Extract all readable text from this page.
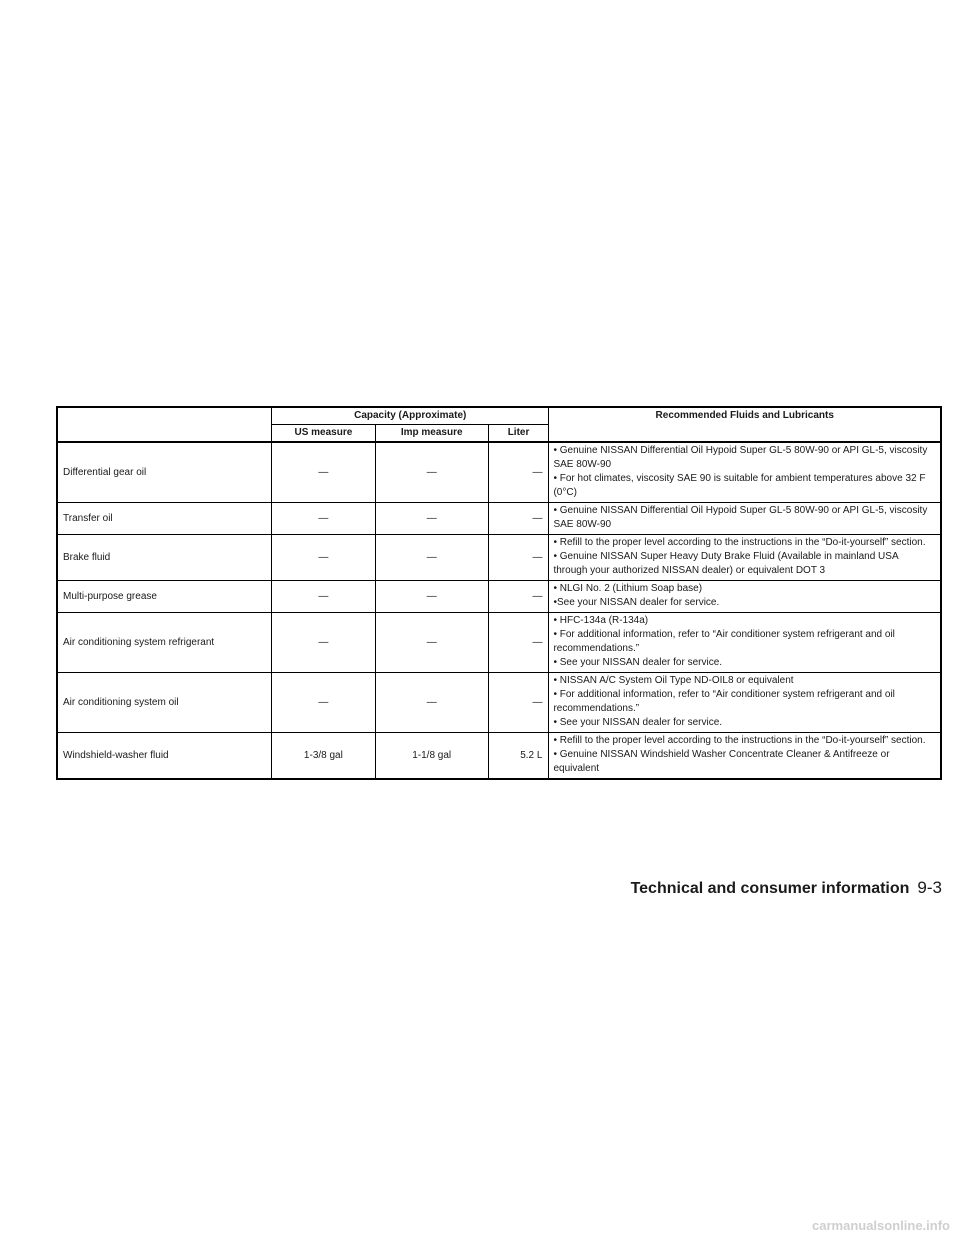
	Capacity (Approximate)			Recommended Fluids and Lubricants
	US measure	Imp measure	Liter	
Differential gear oil	—	—	—	• Genuine NISSAN Differential Oil Hypoid Super GL-5 80W-90 or API GL-5, viscosity SAE 80W-90
• For hot climates, viscosity SAE 90 is suitable for ambient temperatures above 32 F (0°C)

Transfer oil	—	—	—	• Genuine NISSAN Differential Oil Hypoid Super GL-5 80W-90 or API GL-5, viscosity SAE 80W-90

Brake fluid	—	—	—	• Refill to the proper level according to the instructions in the “Do-it-yourself” section.
• Genuine NISSAN Super Heavy Duty Brake Fluid (Available in mainland USA through your authorized NISSAN dealer) or equivalent DOT 3

Multi-purpose grease	—	—	—	• NLGI No. 2 (Lithium Soap base)
•See your NISSAN dealer for service.

Air conditioning system refrigerant	—	—	—	• HFC-134a (R-134a)
• For additional information, refer to “Air conditioner system refrigerant and oil recommendations.”
• See your NISSAN dealer for service.

Air conditioning system oil	—	—	—	• NISSAN A/C System Oil Type ND-OIL8 or equivalent
• For additional information, refer to “Air conditioner system refrigerant and oil recommendations.”
• See your NISSAN dealer for service.

Windshield-washer fluid	1-3/8 gal	1-1/8 gal	5.2 L	• Refill to the proper level according to the instructions in the “Do-it-yourself” section.
• Genuine NISSAN Windshield Washer Concentrate Cleaner & Antifreeze or equivalent
Technical and consumer information 9-3
carmanualsonline.info
